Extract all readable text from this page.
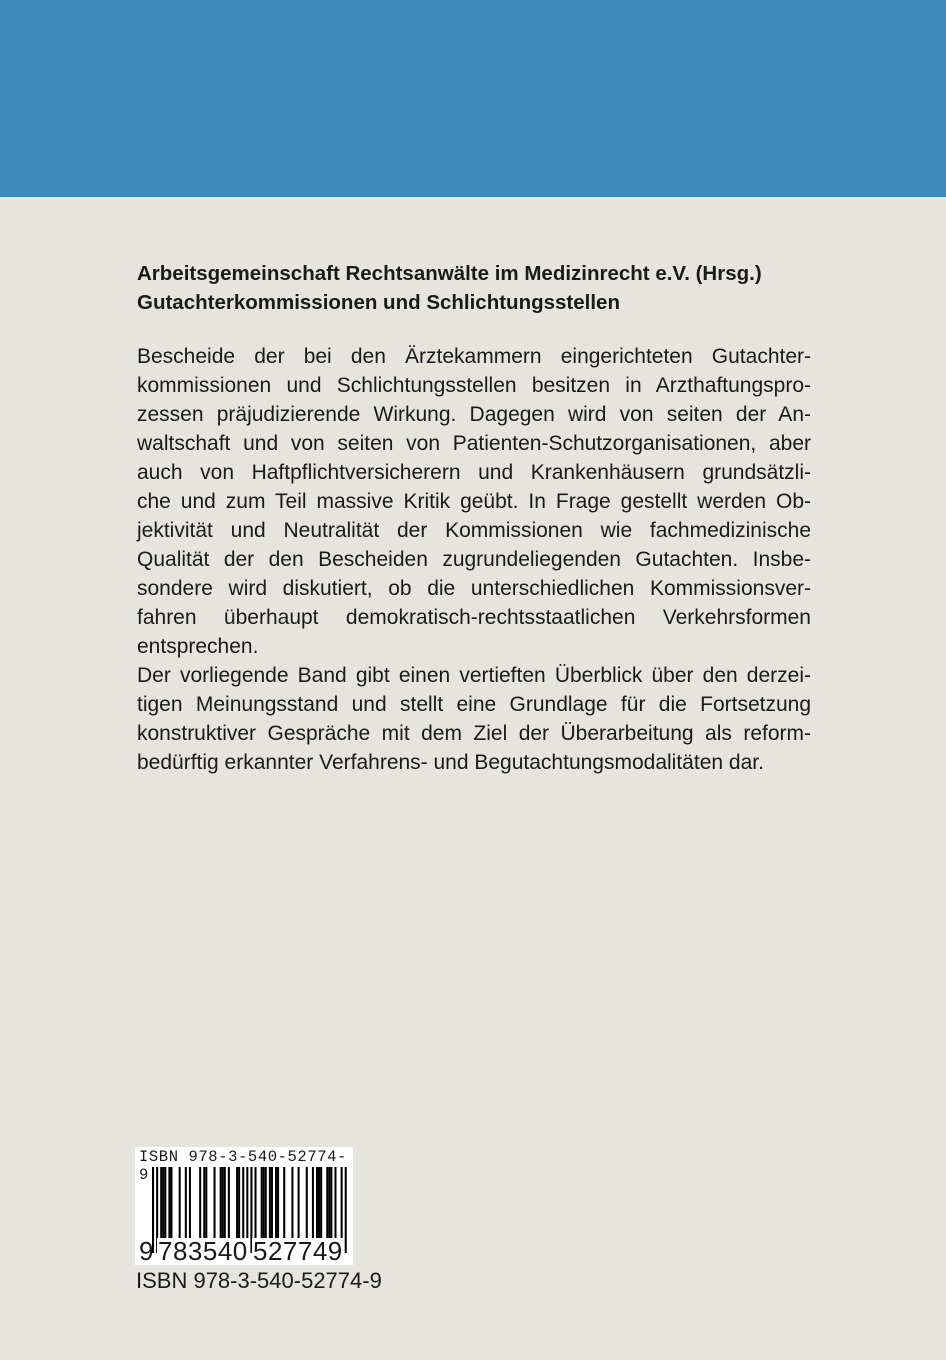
Arbeitsgemeinschaft Rechtsanwälte im Medizinrecht e.V. (Hrsg.)
Gutachterkommissionen und Schlichtungsstellen
Bescheide der bei den Ärztekammern eingerichteten Gutachter-
kommissionen und Schlichtungsstellen besitzen in Arzthaftungspro-
zessen präjudizierende Wirkung. Dagegen wird von seiten der An-
waltschaft und von seiten von Patienten-Schutzorganisationen, aber
auch von Haftpflichtversicherern und Krankenhäusern grundsätzli-
che und zum Teil massive Kritik geübt. In Frage gestellt werden Ob-
jektivität und Neutralität der Kommissionen wie fachmedizinische
Qualität der den Bescheiden zugrundeliegenden Gutachten. Insbe-
sondere wird diskutiert, ob die unterschiedlichen Kommissionsver-
fahren überhaupt demokratisch-rechtsstaatlichen Verkehrsformen
entsprechen.
Der vorliegende Band gibt einen vertieften Überblick über den derzei-
tigen Meinungsstand und stellt eine Grundlage für die Fortsetzung
konstruktiver Gespräche mit dem Ziel der Überarbeitung als reform-
bedürftig erkannter Verfahrens- und Begutachtungsmodalitäten dar.
ISBN 978-3-540-52774-9
9 783540 527749
ISBN 978-3-540-52774-9
